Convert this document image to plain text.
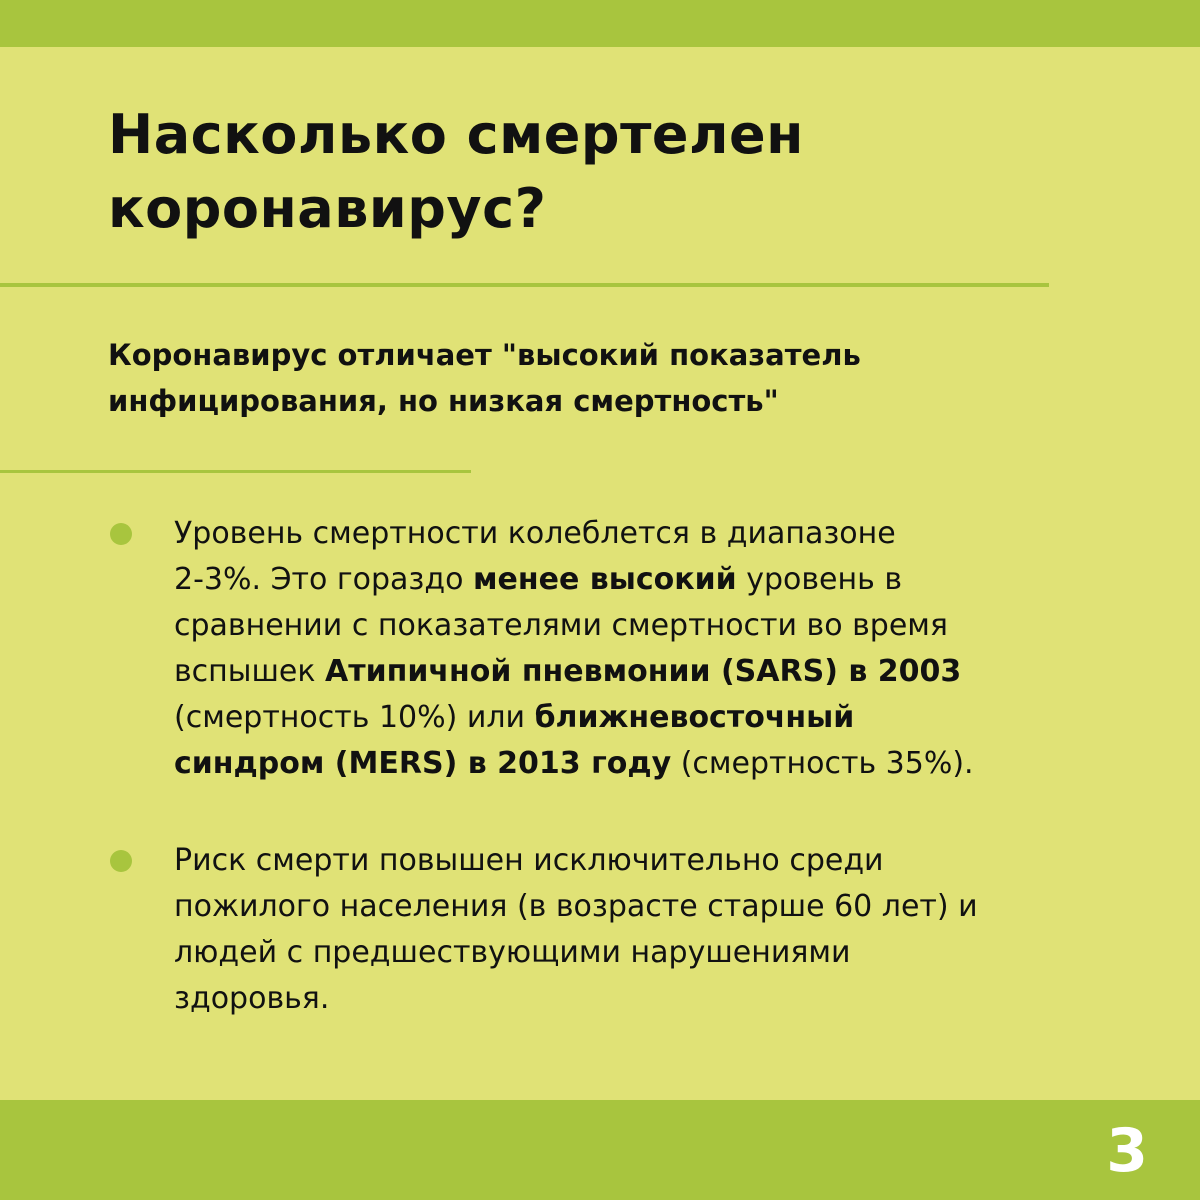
Насколько смертелен
коронавирус?

Коронавирус отличает "высокий показатель
инфицирования, но низкая смертность"

Уровень смертности колеблется в диапазоне
2-3%. Это гораздо менее высокий уровень в
сравнении с показателями смертности во время
вспышек Атипичной пневмонии (SARS) в 2003
(смертность 10%) или ближневосточный
синдром (MERS) в 2013 году (смертность 35%).

Риск смерти повышен исключительно среди
пожилого населения (в возрасте старше 60 лет) и
людей с предшествующими нарушениями
здоровья.

3
